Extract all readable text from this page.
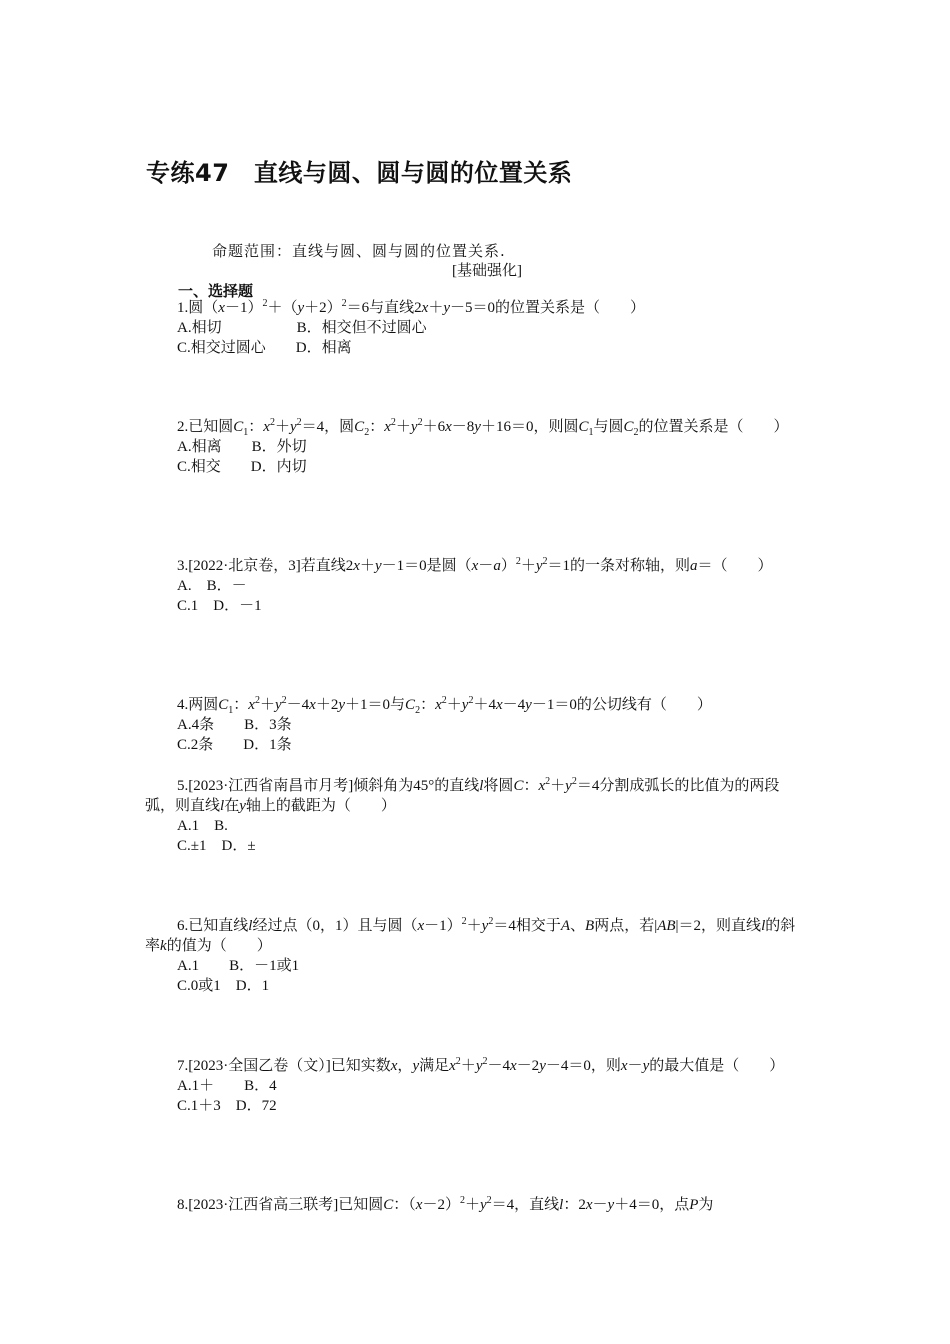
专练47　直线与圆、圆与圆的位置关系
命题范围：直线与圆、圆与圆的位置关系.
[基础强化]
一、选择题
1.圆$(x-1)^2+(y+2)^2=6$与直线2x＋y－5＝0的位置关系是（　　）
A.相切　　　　　B．相交但不过圆心
C.相交过圆心　　D．相离
2.已知圆$C_1$：$x^2+y^2=4$，圆$C_2$：$x^2+y^2+6x-8y+16=0$，则圆$C_1$与圆$C_2$的位置关系是（　　）
A.相离　　B．外切
C.相交　　D．内切
3.[2022·北京卷，3]若直线2x＋y－1＝0是圆$(x-a)^2+y^2=1$的一条对称轴，则a＝（　　）
A.　B．－
C.1　D．－1
4.两圆$C_1$：$x^2+y^2-4x+2y+1=0$与$C_2$：$x^2+y^2+4x-4y-1=0$的公切线有（　　）
A.4条　　B．3条
C.2条　　D．1条
5.[2023·江西省南昌市月考]倾斜角为45°的直线l将圆C：$x^2+y^2=4$分割成弧长的比值为的两段弧，则直线l在y轴上的截距为（　　）
A.1　B.
C.±1　D．±
6.已知直线l经过点（0，1）且与圆$(x-1)^2+y^2=4$相交于A、B两点，若|AB|＝2，则直线l的斜率k的值为（　　）
A.1　　B．－1或1
C.0或1　D．1
7.[2023·全国乙卷（文）]已知实数x，y满足$x^2+y^2-4x-2y-4=0$，则x－y的最大值是（　　）
A.1＋　　B．4
C.1＋3　D．72
8.[2023·江西省高三联考]已知圆C：$(x-2)^2+y^2=4$，直线l：2x－y＋4＝0，点P为
